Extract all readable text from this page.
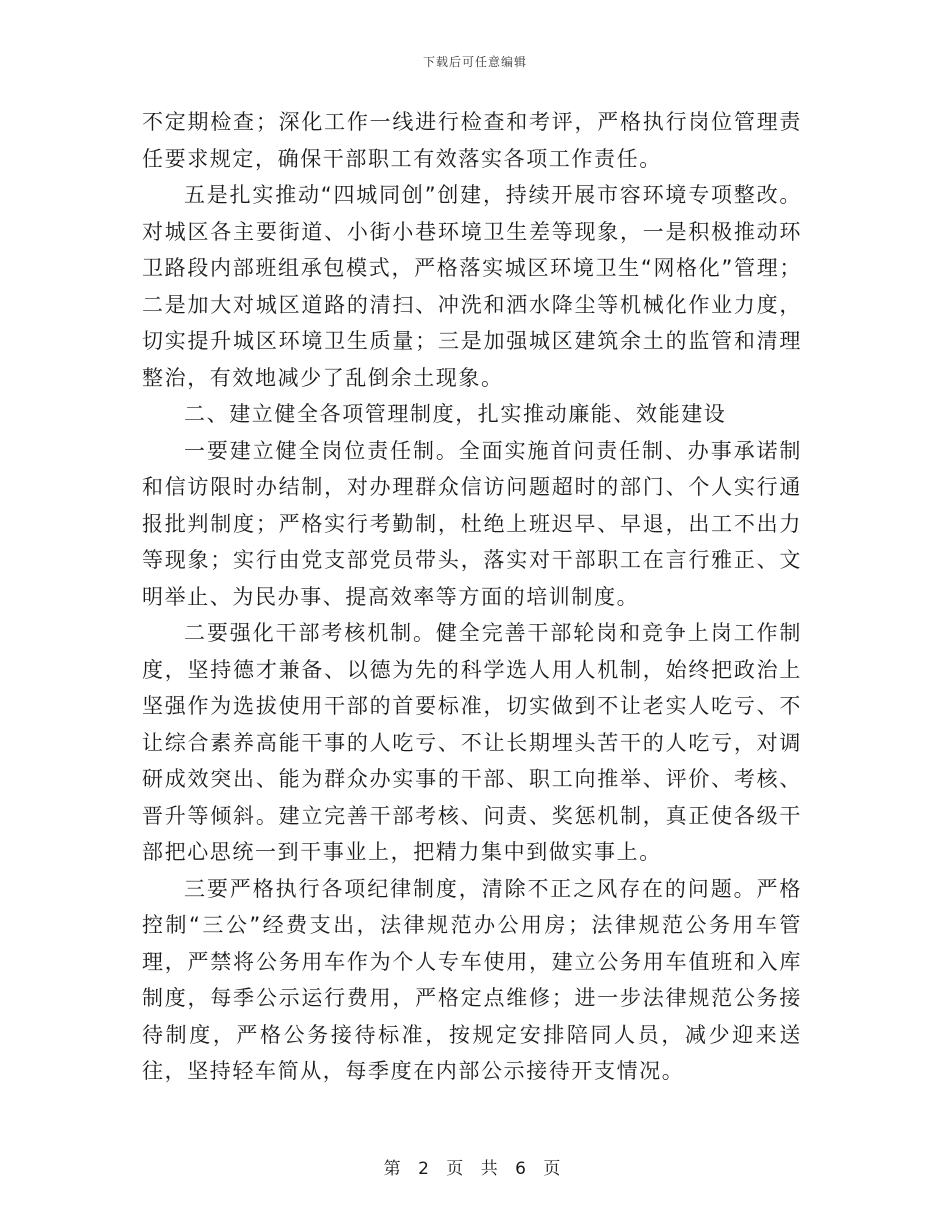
下载后可任意编辑

不定期检查；深化工作一线进行检查和考评，严格执行岗位管理责任要求规定，确保干部职工有效落实各项工作责任。

五是扎实推动“四城同创”创建，持续开展市容环境专项整改。对城区各主要街道、小街小巷环境卫生差等现象，一是积极推动环卫路段内部班组承包模式，严格落实城区环境卫生“网格化”管理；二是加大对城区道路的清扫、冲洗和洒水降尘等机械化作业力度，切实提升城区环境卫生质量；三是加强城区建筑余土的监管和清理整治，有效地减少了乱倒余土现象。

二、建立健全各项管理制度，扎实推动廉能、效能建设

一要建立健全岗位责任制。全面实施首问责任制、办事承诺制和信访限时办结制，对办理群众信访问题超时的部门、个人实行通报批判制度；严格实行考勤制，杜绝上班迟早、早退，出工不出力等现象；实行由党支部党员带头，落实对干部职工在言行雅正、文明举止、为民办事、提高效率等方面的培训制度。

二要强化干部考核机制。健全完善干部轮岗和竞争上岗工作制度，坚持德才兼备、以德为先的科学选人用人机制，始终把政治上坚强作为选拔使用干部的首要标准，切实做到不让老实人吃亏、不让综合素养高能干事的人吃亏、不让长期埋头苦干的人吃亏，对调研成效突出、能为群众办实事的干部、职工向推举、评价、考核、晋升等倾斜。建立完善干部考核、问责、奖惩机制，真正使各级干部把心思统一到干事业上，把精力集中到做实事上。

三要严格执行各项纪律制度，清除不正之风存在的问题。严格控制“三公”经费支出，法律规范办公用房；法律规范公务用车管理，严禁将公务用车作为个人专车使用，建立公务用车值班和入库制度，每季公示运行费用，严格定点维修；进一步法律规范公务接待制度，严格公务接待标准，按规定安排陪同人员，减少迎来送往，坚持轻车简从，每季度在内部公示接待开支情况。

第 2 页 共 6 页
